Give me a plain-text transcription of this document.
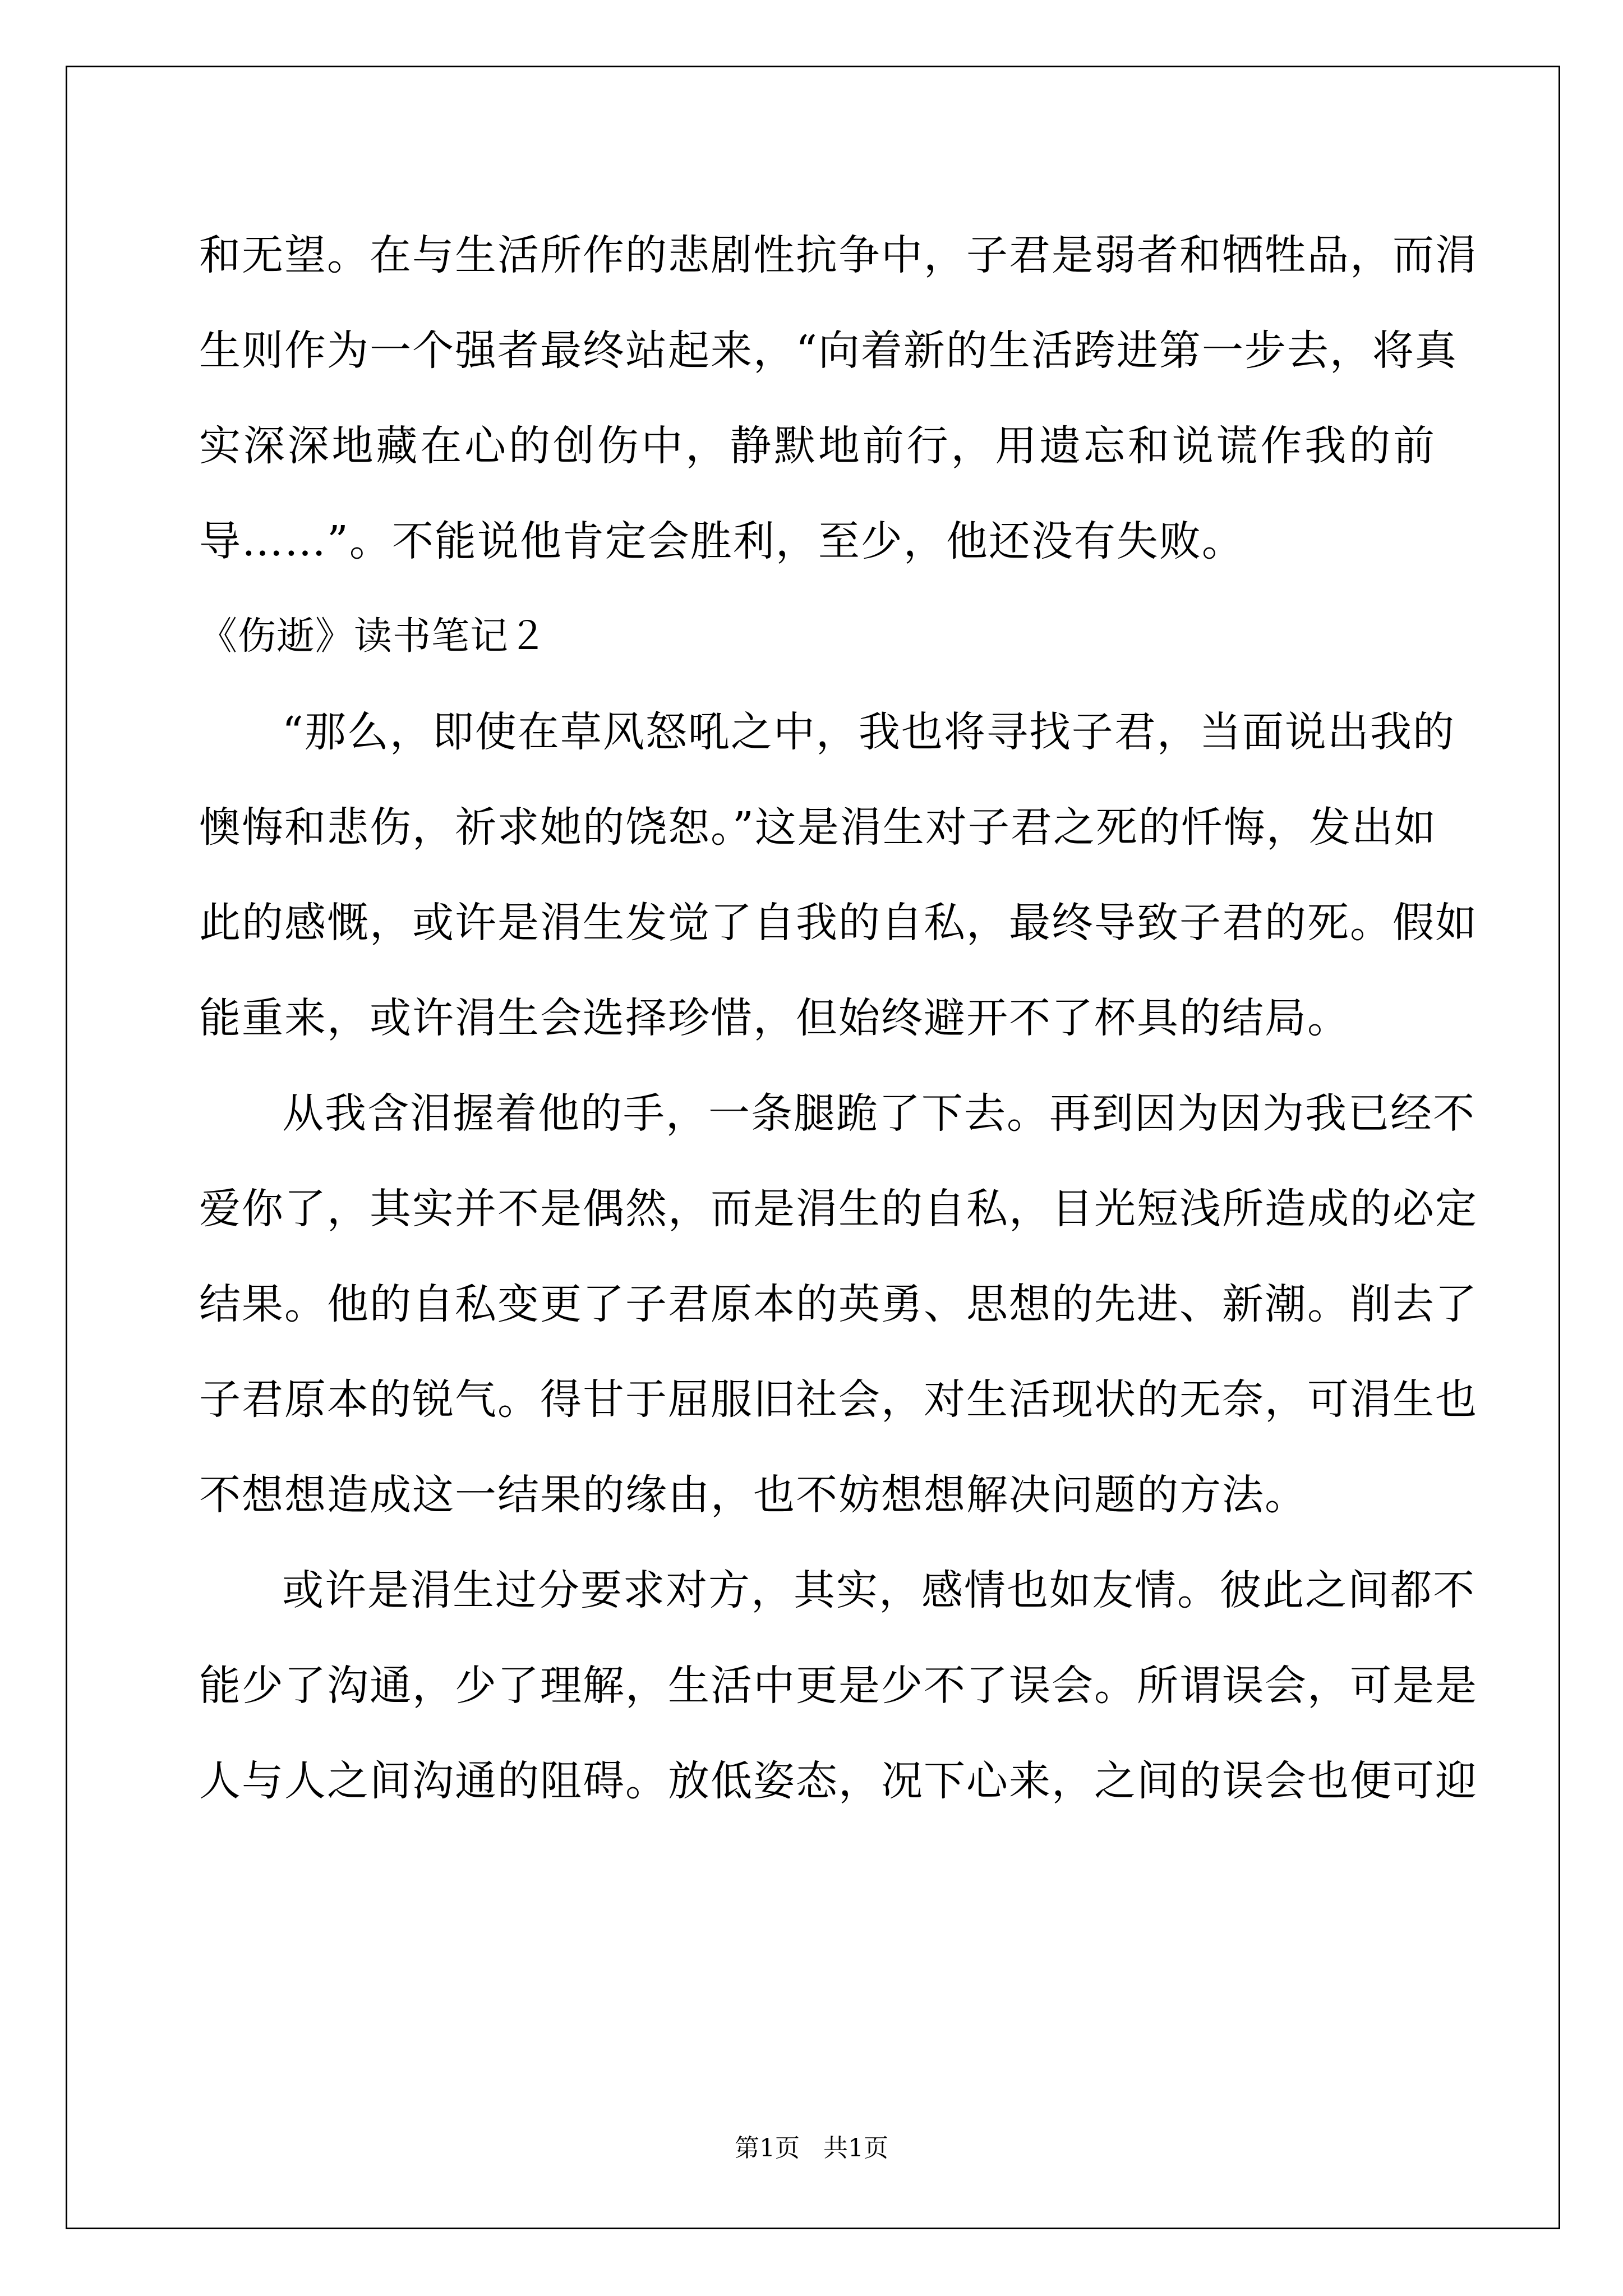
和无望。在与生活所作的悲剧性抗争中，子君是弱者和牺牲品，而涓
生则作为一个强者最终站起来，“向着新的生活跨进第一步去，将真
实深深地藏在心的创伤中，静默地前行，用遗忘和说谎作我的前
导……”。不能说他肯定会胜利，至少，他还没有失败。
《伤逝》读书笔记２
“那么，即使在草风怒吼之中，我也将寻找子君，当面说出我的
懊悔和悲伤，祈求她的饶恕。”这是涓生对子君之死的忏悔，发出如
此的感慨，或许是涓生发觉了自我的自私，最终导致子君的死。假如
能重来，或许涓生会选择珍惜，但始终避开不了杯具的结局。
从我含泪握着他的手，一条腿跪了下去。再到因为因为我已经不
爱你了，其实并不是偶然，而是涓生的自私，目光短浅所造成的必定
结果。他的自私变更了子君原本的英勇、思想的先进、新潮。削去了
子君原本的锐气。得甘于屈服旧社会，对生活现状的无奈，可涓生也
不想想造成这一结果的缘由，也不妨想想解决问题的方法。
或许是涓生过分要求对方，其实，感情也如友情。彼此之间都不
能少了沟通，少了理解，生活中更是少不了误会。所谓误会，可是是
人与人之间沟通的阻碍。放低姿态，况下心来，之间的误会也便可迎
第1页 共1页
